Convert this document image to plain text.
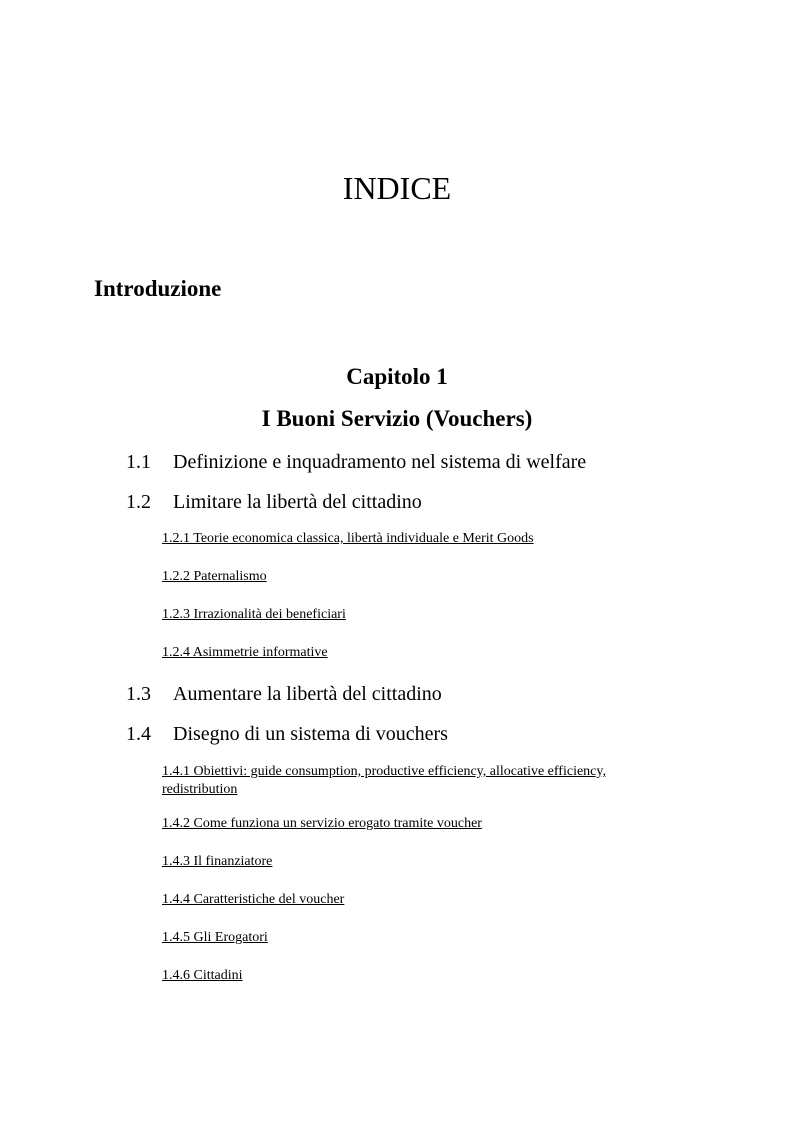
INDICE
Introduzione
Capitolo 1
I Buoni Servizio (Vouchers)
1.1 Definizione e inquadramento nel sistema di welfare
1.2 Limitare la libertà del cittadino
1.2.1 Teorie economica classica, libertà individuale e Merit Goods
1.2.2 Paternalismo
1.2.3 Irrazionalità dei beneficiari
1.2.4 Asimmetrie informative
1.3 Aumentare la libertà del cittadino
1.4 Disegno di un sistema di vouchers
1.4.1 Obiettivi: guide consumption, productive efficiency, allocative efficiency, redistribution
1.4.2 Come funziona un servizio erogato tramite voucher
1.4.3 Il finanziatore
1.4.4 Caratteristiche del voucher
1.4.5 Gli Erogatori
1.4.6 Cittadini
